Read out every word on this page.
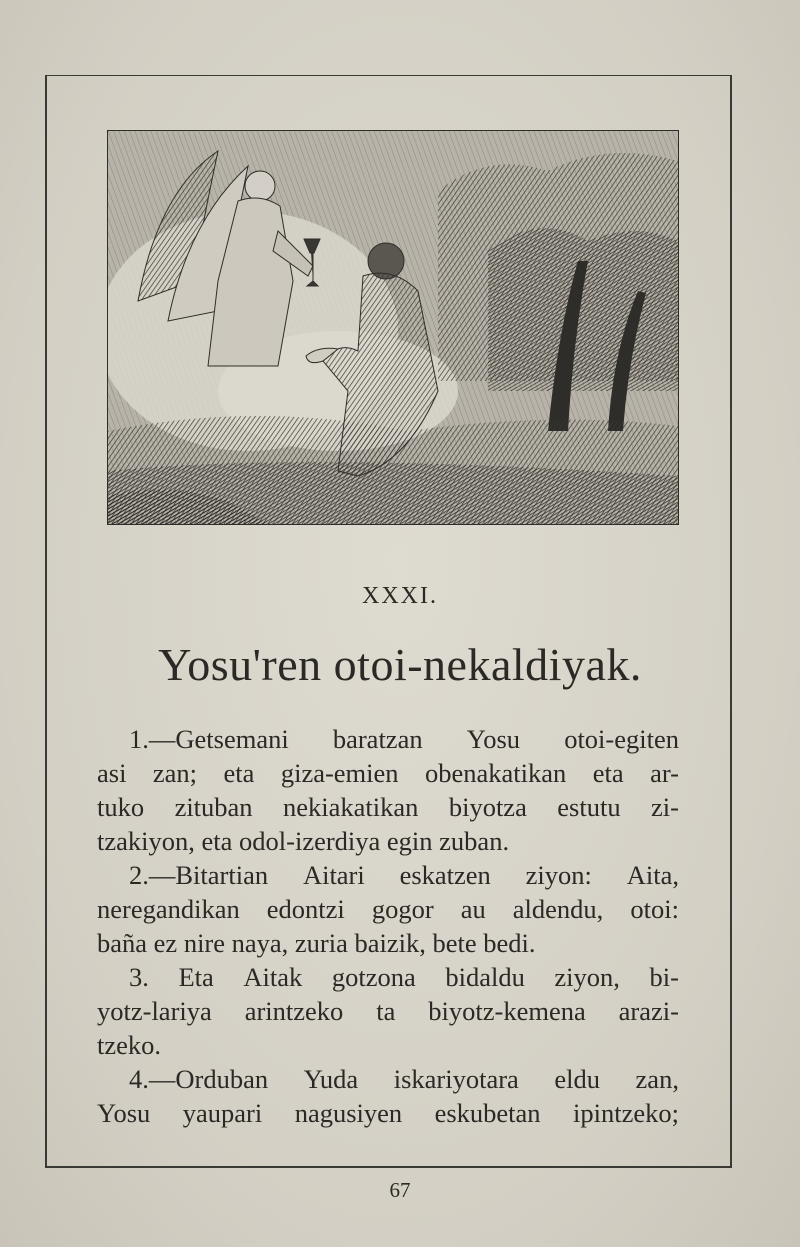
XXXI.
Yosu'ren otoi-nekaldiyak.
1.—Getsemani baratzan Yosu otoi-egiten
asi zan; eta giza-emien obenakatikan eta ar-
tuko zituban nekiakatikan biyotza estutu zi-
tzakiyon, eta odol-izerdiya egin zuban.
2.—Bitartian Aitari eskatzen ziyon: Aita,
neregandikan edontzi gogor au aldendu, otoi:
baña ez nire naya, zuria baizik, bete bedi.
3. Eta Aitak gotzona bidaldu ziyon, bi-
yotz-lariya arintzeko ta biyotz-kemena arazi-
tzeko.
4.—Orduban Yuda iskariyotara eldu zan,
Yosu yaupari nagusiyen eskubetan ipintzeko;
67
